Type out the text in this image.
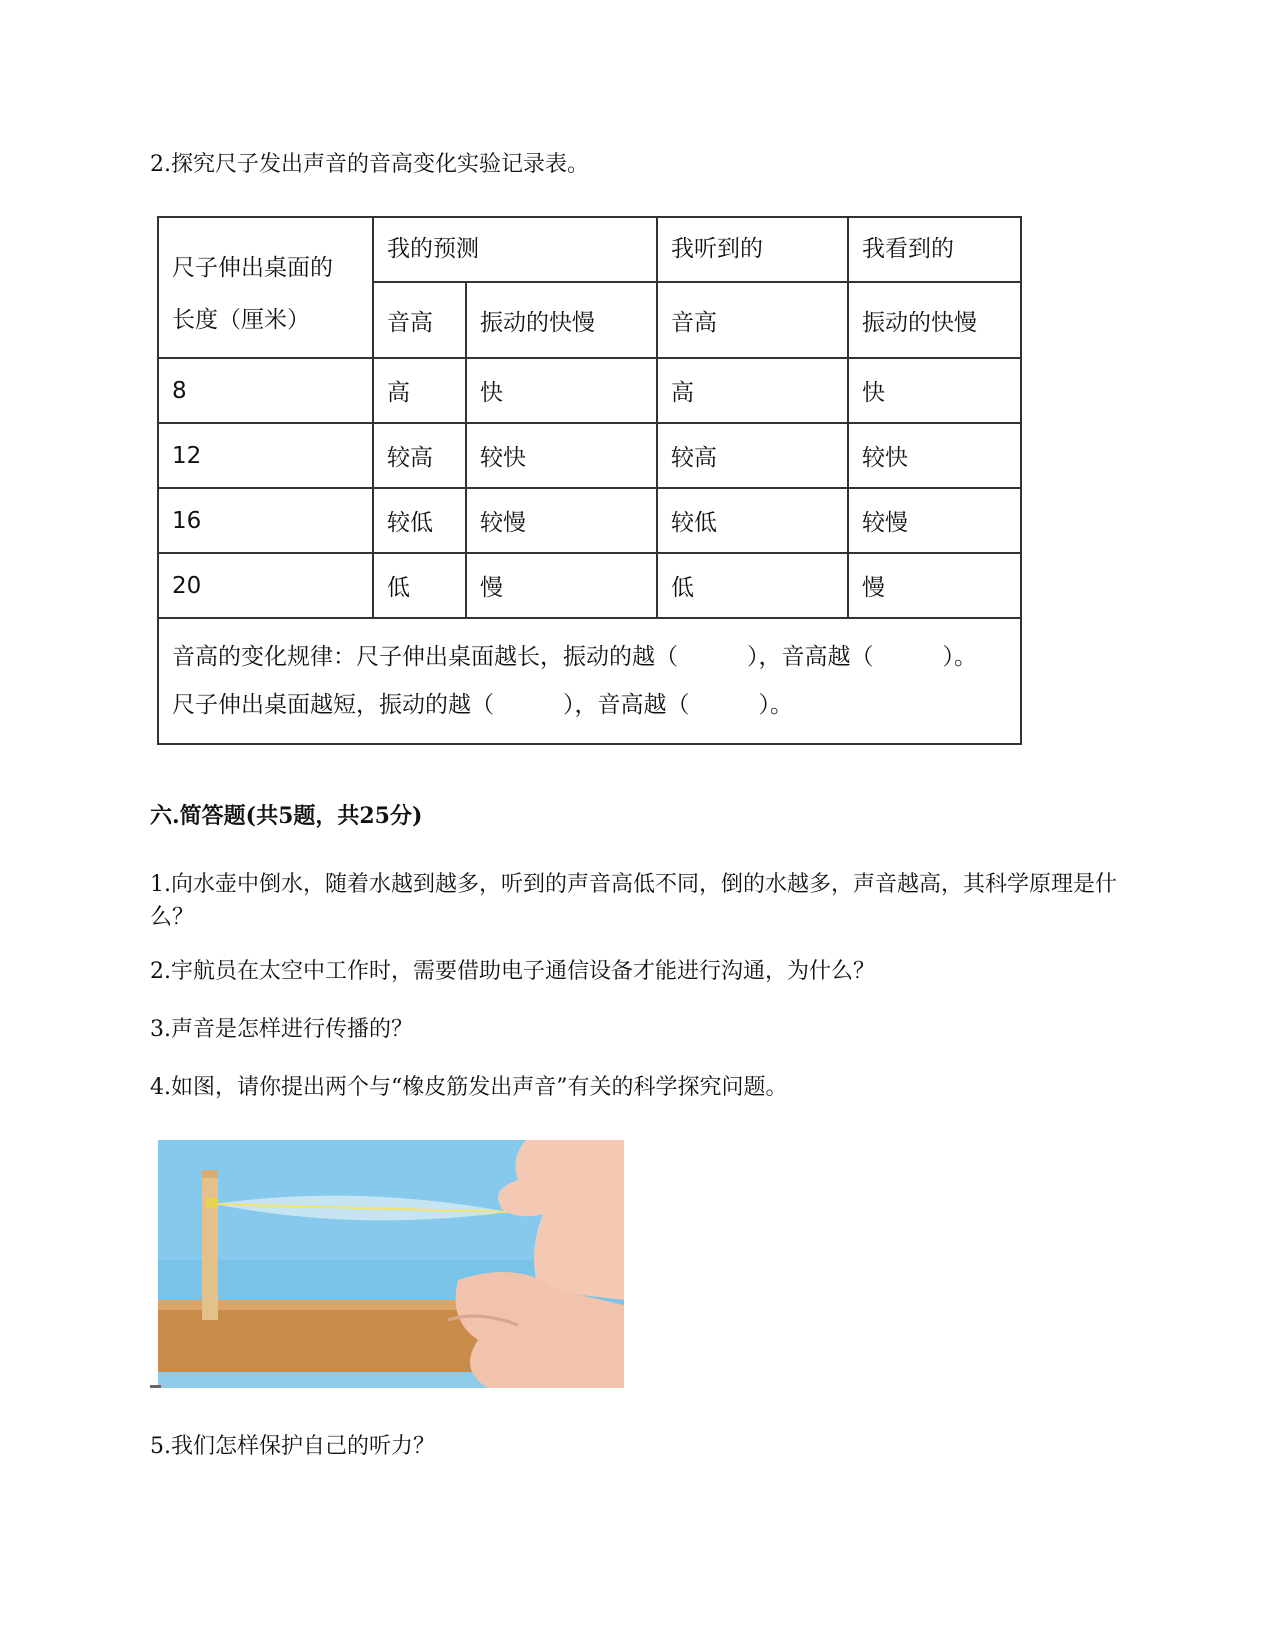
2.探究尺子发出声音的音高变化实验记录表。

尺子伸出桌面的
长度（厘米）	我的预测		我听到的	我看到的
	音高	振动的快慢	音高	振动的快慢
8	高	快	高	快
12	较高	较快	较高	较快
16	较低	较慢	较低	较慢
20	低	慢	低	慢

音高的变化规律：尺子伸出桌面越长，振动的越（　　　），音高越（　　　）。
尺子伸出桌面越短，振动的越（　　　），音高越（　　　）。				

六.简答题(共5题，共25分)

1.向水壶中倒水，随着水越到越多，听到的声音高低不同，倒的水越多，声音越高，其科学原理是什么？

2.宇航员在太空中工作时，需要借助电子通信设备才能进行沟通，为什么？

3.声音是怎样进行传播的？

4.如图，请你提出两个与“橡皮筋发出声音”有关的科学探究问题。

5.我们怎样保护自己的听力？
